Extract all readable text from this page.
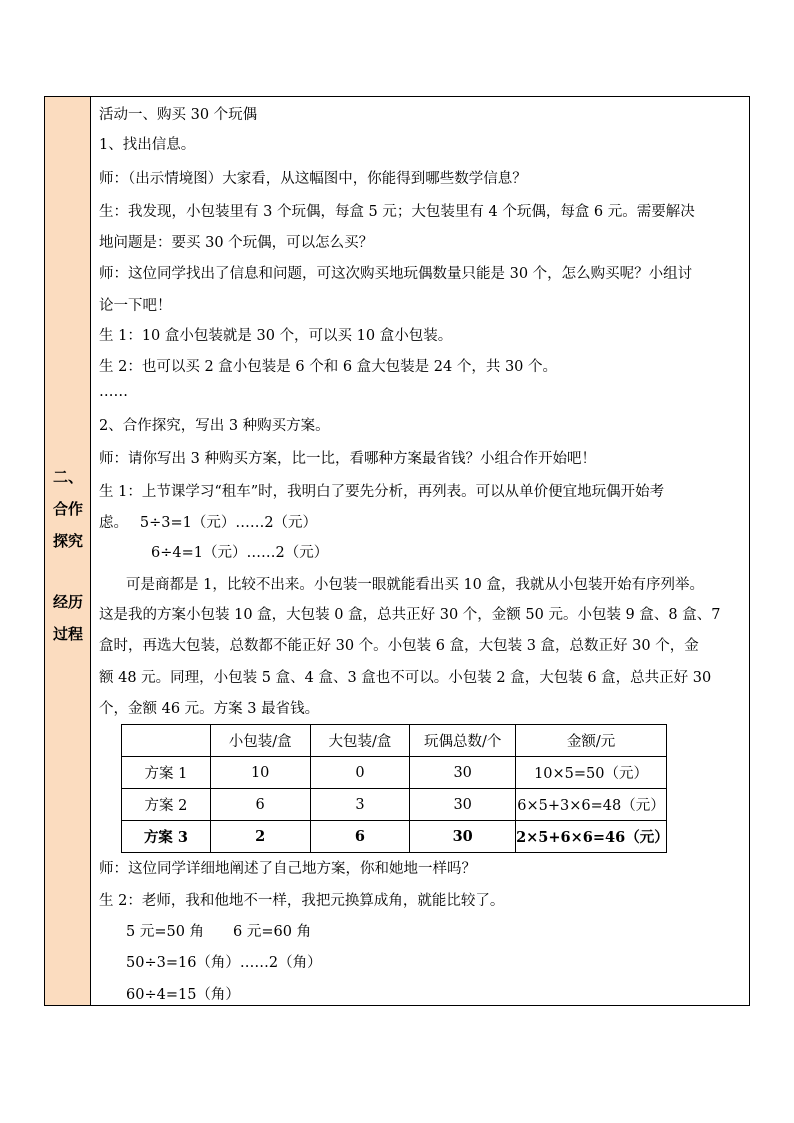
二、
合作
探究
经历
过程
活动一、购买 30 个玩偶
1、找出信息。
师：（出示情境图）大家看，从这幅图中，你能得到哪些数学信息？
生：我发现，小包装里有 3 个玩偶，每盒 5 元；大包装里有 4 个玩偶，每盒 6 元。需要解决
地问题是：要买 30 个玩偶，可以怎么买？
师：这位同学找出了信息和问题，可这次购买地玩偶数量只能是 30 个，怎么购买呢？小组讨
论一下吧！
生 1：10 盒小包装就是 30 个，可以买 10 盒小包装。
生 2：也可以买 2 盒小包装是 6 个和 6 盒大包装是 24 个，共 30 个。
……
2、合作探究，写出 3 种购买方案。
师：请你写出 3 种购买方案，比一比，看哪种方案最省钱？小组合作开始吧！
生 1：上节课学习“租车”时，我明白了要先分析，再列表。可以从单价便宜地玩偶开始考
虑。　 5÷3=1（元）……2（元）
6÷4=1（元）……2（元）
可是商都是 1，比较不出来。小包装一眼就能看出买 10 盒，我就从小包装开始有序列举。
这是我的方案小包装 10 盒，大包装 0 盒，总共正好 30 个，金额 50 元。小包装 9 盒、8 盒、7
盒时，再选大包装，总数都不能正好 30 个。小包装 6 盒，大包装 3 盒，总数正好 30 个，金
额 48 元。同理，小包装 5 盒、4 盒、3 盒也不可以。小包装 2 盒，大包装 6 盒，总共正好 30
个，金额 46 元。方案 3 最省钱。
	小包装/盒	大包装/盒	玩偶总数/个	金额/元
方案 1	10	0	30	10×5=50（元）
方案 2	6	3	30	6×5+3×6=48（元）
方案 3	2	6	30	2×5+6×6=46（元）
师：这位同学详细地阐述了自己地方案，你和她地一样吗？
生 2：老师，我和他地不一样，我把元换算成角，就能比较了。
5 元=50 角　　6 元=60 角
50÷3=16（角）……2（角）
60÷4=15（角）
